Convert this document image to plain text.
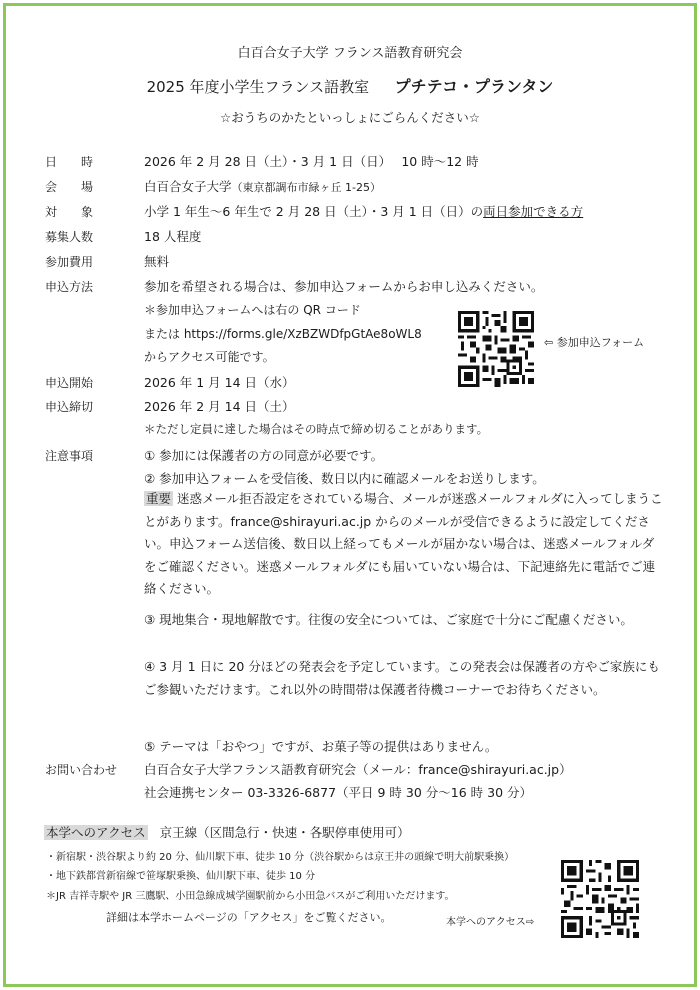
白百合女子大学 フランス語教育研究会
2025 年度小学生フランス語教室 プチテコ・プランタン
☆おうちのかたといっしょにごらんください☆
日　　時	2026 年 2 月 28 日（土）・3 月 1 日（日）　 10 時～12 時
会　　場	白百合女子大学（東京都調布市緑ヶ丘 1-25）
対　　象	小学 1 年生～6 年生で 2 月 28 日（土）・3 月 1 日（日）の両日参加できる方
募集人数	18 人程度
参加費用	無料
申込方法	参加を希望される場合は、参加申込フォームからお申し込みください。
＊参加申込フォームへは右の QR コード
または https://forms.gle/XzBZWDfpGtAe8oWL8
からアクセス可能です。
⇦ 参加申込フォーム
申込開始	2026 年 1 月 14 日（水）
申込締切	2026 年 2 月 14 日（土）
＊ただし定員に達した場合はその時点で締め切ることがあります。
注意事項	① 参加には保護者の方の同意が必要です。
② 参加申込フォームを受信後、数日以内に確認メールをお送りします。
重要 迷惑メール拒否設定をされている場合、メールが迷惑メールフォルダに入ってしまうことがあります。france@shirayuri.ac.jp からのメールが受信できるように設定してください。申込フォーム送信後、数日以上経ってもメールが届かない場合は、迷惑メールフォルダをご確認ください。迷惑メールフォルダにも届いていない場合は、下記連絡先に電話でご連絡ください。
③ 現地集合・現地解散です。往復の安全については、ご家庭で十分にご配慮ください。
④ 3 月 1 日に 20 分ほどの発表会を予定しています。この発表会は保護者の方やご家族にもご参観いただけます。これ以外の時間帯は保護者待機コーナーでお待ちください。
⑤ テーマは「おやつ」ですが、お菓子等の提供はありません。
お問い合わせ 白百合女子大学フランス語教育研究会（メール：france@shirayuri.ac.jp）
社会連携センター 03-3326-6877（平日 9 時 30 分～16 時 30 分）
本学へのアクセス 京王線（区間急行・快速・各駅停車使用可）
・新宿駅・渋谷駅より約 20 分、仙川駅下車、徒歩 10 分（渋谷駅からは京王井の頭線で明大前駅乗換）
・地下鉄都営新宿線で笹塚駅乗換、仙川駅下車、徒歩 10 分
＊JR 吉祥寺駅や JR 三鷹駅、小田急線成城学園駅前から小田急バスがご利用いただけます。
詳細は本学ホームページの「アクセス」をご覧ください。	本学へのアクセス⇨
